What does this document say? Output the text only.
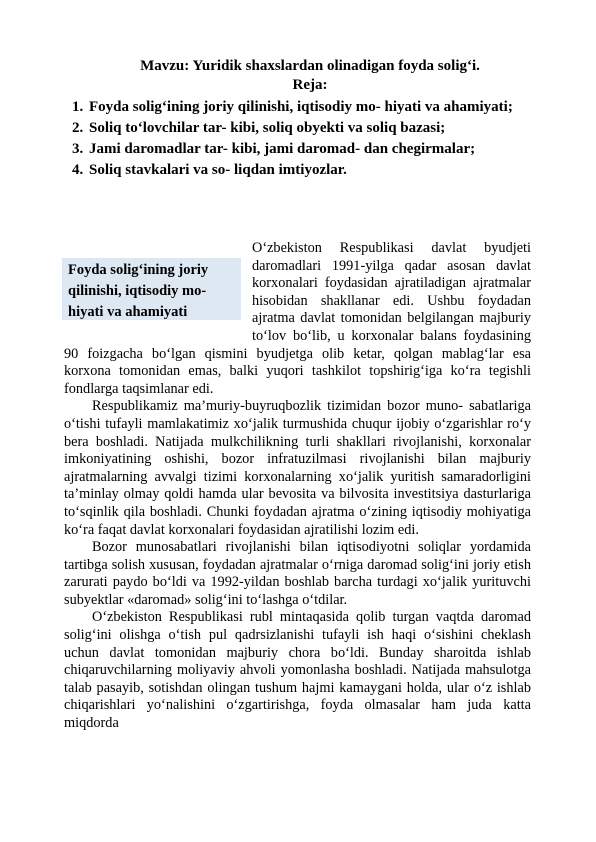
Mavzu: Yuridik shaxslardan olinadigan foyda solig‘i.
Reja:
1. Foyda solig‘ining joriy qilinishi, iqtisodiy mo- hiyati va ahamiyati;
2. Soliq to‘lovchilar tar- kibi, soliq obyekti va soliq bazasi;
3. Jami daromadlar tar- kibi, jami daromad- dan chegirmalar;
4. Soliq stavkalari va so- liqdan imtiyozlar.
Foyda solig‘ining joriy qilinishi, iqtisodiy mo- hiyati va ahamiyati

O‘zbekiston Respublikasi davlat byudjeti daromadlari 1991-yilga qadar asosan davlat korxonalari foydasidan ajratiladigan ajratmalar hisobidan shakllanar edi. Ushbu foydadan ajratma davlat tomonidan belgilangan majburiy to‘lov bo‘lib, u korxonalar balans foydasining 90 foizgacha bo‘lgan qismini byudjetga olib ketar, qolgan mablag‘lar esa korxona tomonidan emas, balki yuqori tashkilot topshirig‘iga ko‘ra tegishli fondlarga taqsimlanar edi.

Respublikamiz ma’muriy-buyruqbozlik tizimidan bozor muno- sabatlariga o‘tishi tufayli mamlakatimiz xo‘jalik turmushida chuqur ijobiy o‘zgarishlar ro‘y bera boshladi. Natijada mulkchilikning turli shakllari rivojlanishi, korxonalar imkoniyatining oshishi, bozor infratuzilmasi rivojlanishi bilan majburiy ajratmalarning avvalgi tizimi korxonalarning xo‘jalik yuritish samaradorligini ta’minlay olmay qoldi hamda ular bevosita va bilvosita investitsiya dasturlariga to‘sqinlik qila boshladi. Chunki foydadan ajratma o‘zining iqtisodiy mohiyatiga ko‘ra faqat davlat korxonalari foydasidan ajratilishi lozim edi.

Bozor munosabatlari rivojlanishi bilan iqtisodiyotni soliqlar yordamida tartibga solish xususan, foydadan ajratmalar o‘rniga daromad solig‘ini joriy etish zarurati paydo bo‘ldi va 1992-yildan boshlab barcha turdagi xo‘jalik yurituvchi subyektlar «daromad» solig‘ini to‘lashga o‘tdilar.

O‘zbekiston Respublikasi rubl mintaqasida qolib turgan vaqtda daromad solig‘ini olishga o‘tish pul qadrsizlanishi tufayli ish haqi o‘sishini cheklash uchun davlat tomonidan majburiy chora bo‘ldi. Bunday sharoitda ishlab chiqaruvchilarning moliyaviy ahvoli yomonlasha boshladi. Natijada mahsulotga talab pasayib, sotishdan olingan tushum hajmi kamaygani holda, ular o‘z ishlab chiqarishlari yo‘nalishini o‘zgartirishga, foyda olmasalar ham juda katta miqdorda
